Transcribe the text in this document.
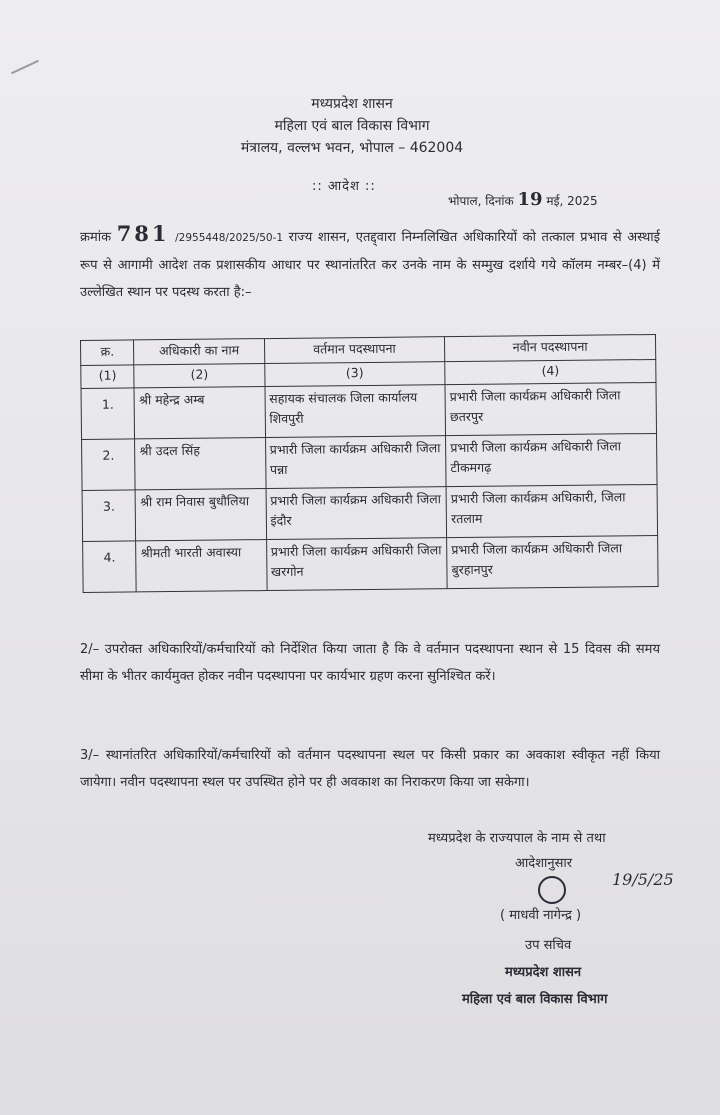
मध्यप्रदेश शासन
महिला एवं बाल विकास विभाग
मंत्रालय, वल्लभ भवन, भोपाल – 462004
:: आदेश ::
भोपाल, दिनांक 19 मई, 2025
क्रमांक 781 /2955448/2025/50-1 राज्य शासन, एतद्द्वारा निम्नलिखित अधिकारियों को तत्काल प्रभाव से अस्थाई रूप से आगामी आदेश तक प्रशासकीय आधार पर स्थानांतरित कर उनके नाम के सम्मुख दर्शाये गये कॉलम नम्बर–(4) में उल्लेखित स्थान पर पदस्थ करता है:–
क्र.	अधिकारी का नाम	वर्तमान पदस्थापना	नवीन पदस्थापना
(1)	(2)	(3)	(4)
1.	श्री महेन्द्र अम्ब	सहायक संचालक जिला कार्यालय शिवपुरी	प्रभारी जिला कार्यक्रम अधिकारी जिला छतरपुर
2.	श्री उदल सिंह	प्रभारी जिला कार्यक्रम अधिकारी जिला पन्ना	प्रभारी जिला कार्यक्रम अधिकारी जिला टीकमगढ़
3.	श्री राम निवास बुधौलिया	प्रभारी जिला कार्यक्रम अधिकारी जिला इंदौर	प्रभारी जिला कार्यक्रम अधिकारी, जिला रतलाम
4.	श्रीमती भारती अवास्या	प्रभारी जिला कार्यक्रम अधिकारी जिला खरगोन	प्रभारी जिला कार्यक्रम अधिकारी जिला बुरहानपुर
2/– उपरोक्त अधिकारियों/कर्मचारियों को निर्देशित किया जाता है कि वे वर्तमान पदस्थापना स्थान से 15 दिवस की समय सीमा के भीतर कार्यमुक्त होकर नवीन पदस्थापना पर कार्यभार ग्रहण करना सुनिश्चित करें।
3/– स्थानांतरित अधिकारियों/कर्मचारियों को वर्तमान पदस्थापना स्थल पर किसी प्रकार का अवकाश स्वीकृत नहीं किया जायेगा। नवीन पदस्थापना स्थल पर उपस्थित होने पर ही अवकाश का निराकरण किया जा सकेगा।
मध्यप्रदेश के राज्यपाल के नाम से तथा
आदेशानुसार
19/5/25
( माधवी नागेन्द्र )
उप सचिव
मध्यप्रदेश शासन
महिला एवं बाल विकास विभाग
